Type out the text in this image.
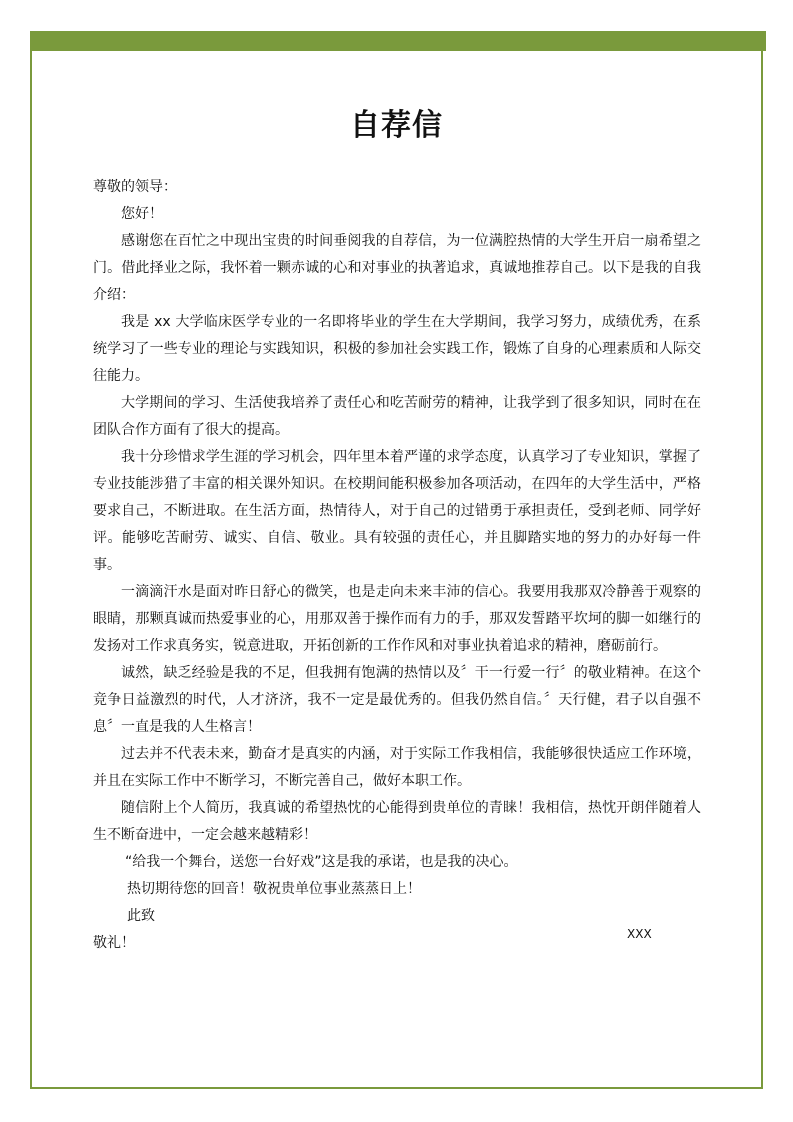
自荐信

尊敬的领导：

您好！

感谢您在百忙之中现出宝贵的时间垂阅我的自荐信，为一位满腔热情的大学生开启一扇希望之门。借此择业之际，我怀着一颗赤诚的心和对事业的执著追求，真诚地推荐自己。以下是我的自我介绍：

我是 xx 大学临床医学专业的一名即将毕业的学生在大学期间，我学习努力，成绩优秀，在系统学习了一些专业的理论与实践知识，积极的参加社会实践工作，锻炼了自身的心理素质和人际交往能力。

大学期间的学习、生活使我培养了责任心和吃苦耐劳的精神，让我学到了很多知识，同时在在团队合作方面有了很大的提高。

我十分珍惜求学生涯的学习机会，四年里本着严谨的求学态度，认真学习了专业知识，掌握了专业技能涉猎了丰富的相关课外知识。在校期间能积极参加各项活动，在四年的大学生活中，严格要求自己，不断进取。在生活方面，热情待人，对于自己的过错勇于承担责任，受到老师、同学好评。能够吃苦耐劳、诚实、自信、敬业。具有较强的责任心，并且脚踏实地的努力的办好每一件事。

一滴滴汗水是面对昨日舒心的微笑，也是走向未来丰沛的信心。我要用我那双冷静善于观察的眼睛，那颗真诚而热爱事业的心，用那双善于操作而有力的手，那双发誓踏平坎坷的脚一如继行的发扬对工作求真务实，锐意进取，开拓创新的工作作风和对事业执着追求的精神，磨砺前行。

诚然，缺乏经验是我的不足，但我拥有饱满的热情以及〞干一行爱一行〞的敬业精神。在这个竞争日益激烈的时代，人才济济，我不一定是最优秀的。但我仍然自信。〞天行健，君子以自强不息〞一直是我的人生格言！

过去并不代表未来，勤奋才是真实的内涵，对于实际工作我相信，我能够很快适应工作环境，并且在实际工作中不断学习，不断完善自己，做好本职工作。

随信附上个人简历，我真诚的希望热忱的心能得到贵单位的青睐！我相信，热忱开朗伴随着人生不断奋进中，一定会越来越精彩！

“给我一个舞台，送您一台好戏”这是我的承诺，也是我的决心。

热切期待您的回音！敬祝贵单位事业蒸蒸日上！

此致

敬礼！

XXX
